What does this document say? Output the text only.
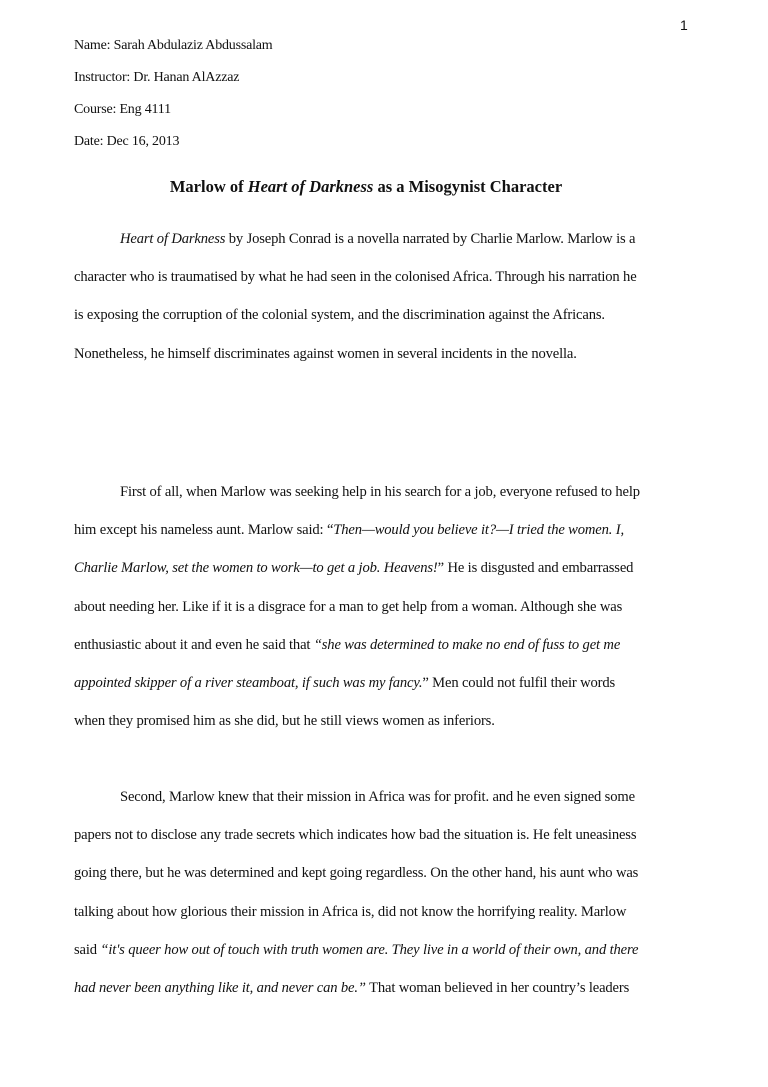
1
Name: Sarah Abdulaziz Abdussalam
Instructor: Dr. Hanan AlAzzaz
Course: Eng 4111
Date: Dec 16, 2013
Marlow of Heart of Darkness as a Misogynist Character
Heart of Darkness by Joseph Conrad is a novella narrated by Charlie Marlow. Marlow is a
character who is traumatised by what he had seen in the colonised Africa. Through his narration he
is exposing the corruption of the colonial system, and the discrimination against the Africans.
Nonetheless, he himself discriminates against women in several incidents in the novella.
First of all, when Marlow was seeking help in his search for a job, everyone refused to help
him except his nameless aunt. Marlow said: “Then—would you believe it?—I tried the women. I,
Charlie Marlow, set the women to work—to get a job. Heavens!” He is disgusted and embarrassed
about needing her. Like if it is a disgrace for a man to get help from a woman. Although she was
enthusiastic about it and even he said that “she was determined to make no end of fuss to get me
appointed skipper of a river steamboat, if such was my fancy.” Men could not fulfil their words
when they promised him as she did, but he still views women as inferiors.
Second, Marlow knew that their mission in Africa was for profit. and he even signed some
papers not to disclose any trade secrets which indicates how bad the situation is. He felt uneasiness
going there, but he was determined and kept going regardless. On the other hand, his aunt who was
talking about how glorious their mission in Africa is, did not know the horrifying reality. Marlow
said “it's queer how out of touch with truth women are. They live in a world of their own, and there
had never been anything like it, and never can be.” That woman believed in her country’s leaders
